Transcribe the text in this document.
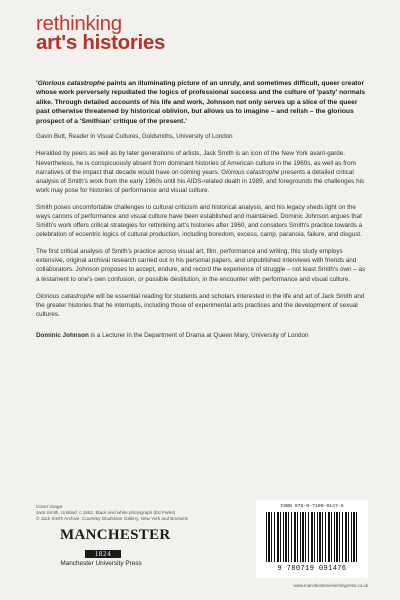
rethinking
art's histories

'Glorious catastrophe paints an illuminating picture of an unruly, and sometimes difficult, queer creator whose work perversely repudiated the logics of professional success and the culture of 'pasty' normals alike. Through detailed accounts of his life and work, Johnson not only serves up a slice of the queer past otherwise threatened by historical oblivion, but allows us to imagine – and relish – the glorious prospect of a 'Smithian' critique of the present.'

Gavin Butt, Reader in Visual Cultures, Goldsmiths, University of London

Heralded by peers as well as by later generations of artists, Jack Smith is an icon of the New York avant-garde. Nevertheless, he is conspicuously absent from dominant histories of American culture in the 1960s, as well as from narratives of the impact that decade would have on coming years. Glorious catastrophe presents a detailed critical analysis of Smith's work from the early 1960s until his AIDS-related death in 1989, and foregrounds the challenges his work may pose for histories of performance and visual culture.

Smith poses uncomfortable challenges to cultural criticism and historical analysis, and his legacy sheds light on the ways canons of performance and visual culture have been established and maintained. Dominic Johnson argues that Smith's work offers critical strategies for rethinking art's histories after 1960, and considers Smith's practice towards a celebration of eccentric logics of cultural production, including boredom, excess, camp, paranoia, failure, and disgust.

The first critical analysis of Smith's practice across visual art, film, performance and writing, this study employs extensive, original archival research carried out in his personal papers, and unpublished interviews with friends and collaborators. Johnson proposes to accept, endure, and record the experience of struggle – not least Smith's own – as a testament to one's own confusion, or possible destitution, in the encounter with performance and visual culture.

Glorious catastrophe will be essential reading for students and scholars interested in the life and art of Jack Smith and the greater histories that he interrupts, including those of experimental arts practices and the development of sexual cultures.

Dominic Johnson is a Lecturer in the Department of Drama at Queen Mary, University of London

Cover image:
Jack Smith, Untitled, c.1962. Black and white photograph (Ed Parks)
© Jack Smith Archive. Courtesy Gladstone Gallery, New York and Brussels
MANCHESTER
1824
Manchester University Press
ISBN 978-0-7190-9147-6
9 780719 091476
www.manchesteruniversitypress.co.uk
